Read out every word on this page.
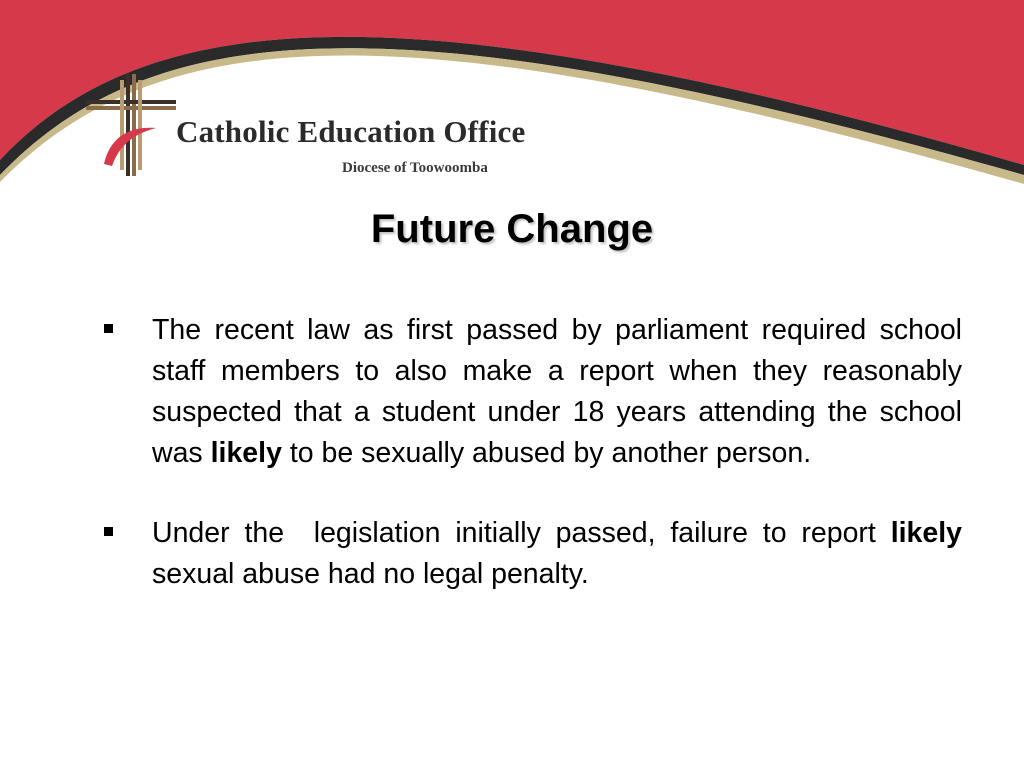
Catholic Education Office
Diocese of Toowoomba
Future Change
The recent law as first passed by parliament required school staff members to also make a report when they reasonably suspected that a student under 18 years attending the school was likely to be sexually abused by another person.
Under the  legislation initially passed, failure to report likely sexual abuse had no legal penalty.
